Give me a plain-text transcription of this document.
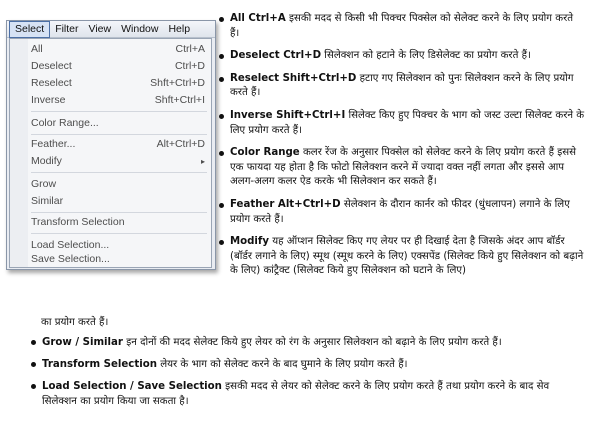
Select	Filter View Window Help
All	Ctrl+A
Deselect	Ctrl+D
Reselect	Shft+Ctrl+D
Inverse	Shft+Ctrl+I
Color Range...
Feather...	Alt+Ctrl+D
Modify	▸
Grow
Similar
Transform Selection
Load Selection...
Save Selection...

All Ctrl+A इसकी मदद से किसी भी पिक्चर पिक्सेल को सेलेक्ट करने के लिए प्रयोग करते हैं।

Deselect Ctrl+D सिलेक्शन को हटाने के लिए डिसेलेक्ट का प्रयोग करते हैं।

Reselect Shift+Ctrl+D हटाए गए सिलेक्शन को पुनः सिलेक्शन करने के लिए प्रयोग करते हैं।

Inverse Shift+Ctrl+I सिलेक्ट किए हुए पिक्चर के भाग को जस्ट उल्टा सिलेक्ट करने के लिए प्रयोग करते हैं।

Color Range कलर रेंज के अनुसार पिक्सेल को सेलेक्ट करने के लिए प्रयोग करते हैं इससे एक फायदा यह होता है कि फोटो सिलेक्शन करने में ज्यादा वक्त नहीं लगता और इससे आप अलग-अलग कलर ऐड करके भी सिलेक्शन कर सकते हैं।

Feather Alt+Ctrl+D सेलेक्शन के दौरान कार्नर को फीदर (धुंधलापन) लगाने के लिए प्रयोग करते हैं।

Modify यह ऑप्शन सिलेक्ट किए गए लेयर पर ही दिखाई देता है जिसके अंदर आप बॉर्डर (बॉर्डर लगाने के लिए) स्मूथ (स्मूथ करने के लिए) एक्सपेंड (सिलेक्ट किये हुए सिलेक्शन को बढ़ाने के लिए) कांट्रैक्ट (सिलेक्ट किये हुए सिलेक्शन को घटाने के लिए)

का प्रयोग करते हैं।

Grow / Similar इन दोनों की मदद सेलेक्ट किये हुए लेयर को रंग के अनुसार सिलेक्शन को बढ़ाने के लिए प्रयोग करते हैं।

Transform Selection लेयर के भाग को सेलेक्ट करने के बाद घुमाने के लिए प्रयोग करते हैं।

Load Selection / Save Selection इसकी मदद से लेयर को सेलेक्ट करने के लिए प्रयोग करते हैं तथा प्रयोग करने के बाद सेव सिलेक्शन का प्रयोग किया जा सकता है।
